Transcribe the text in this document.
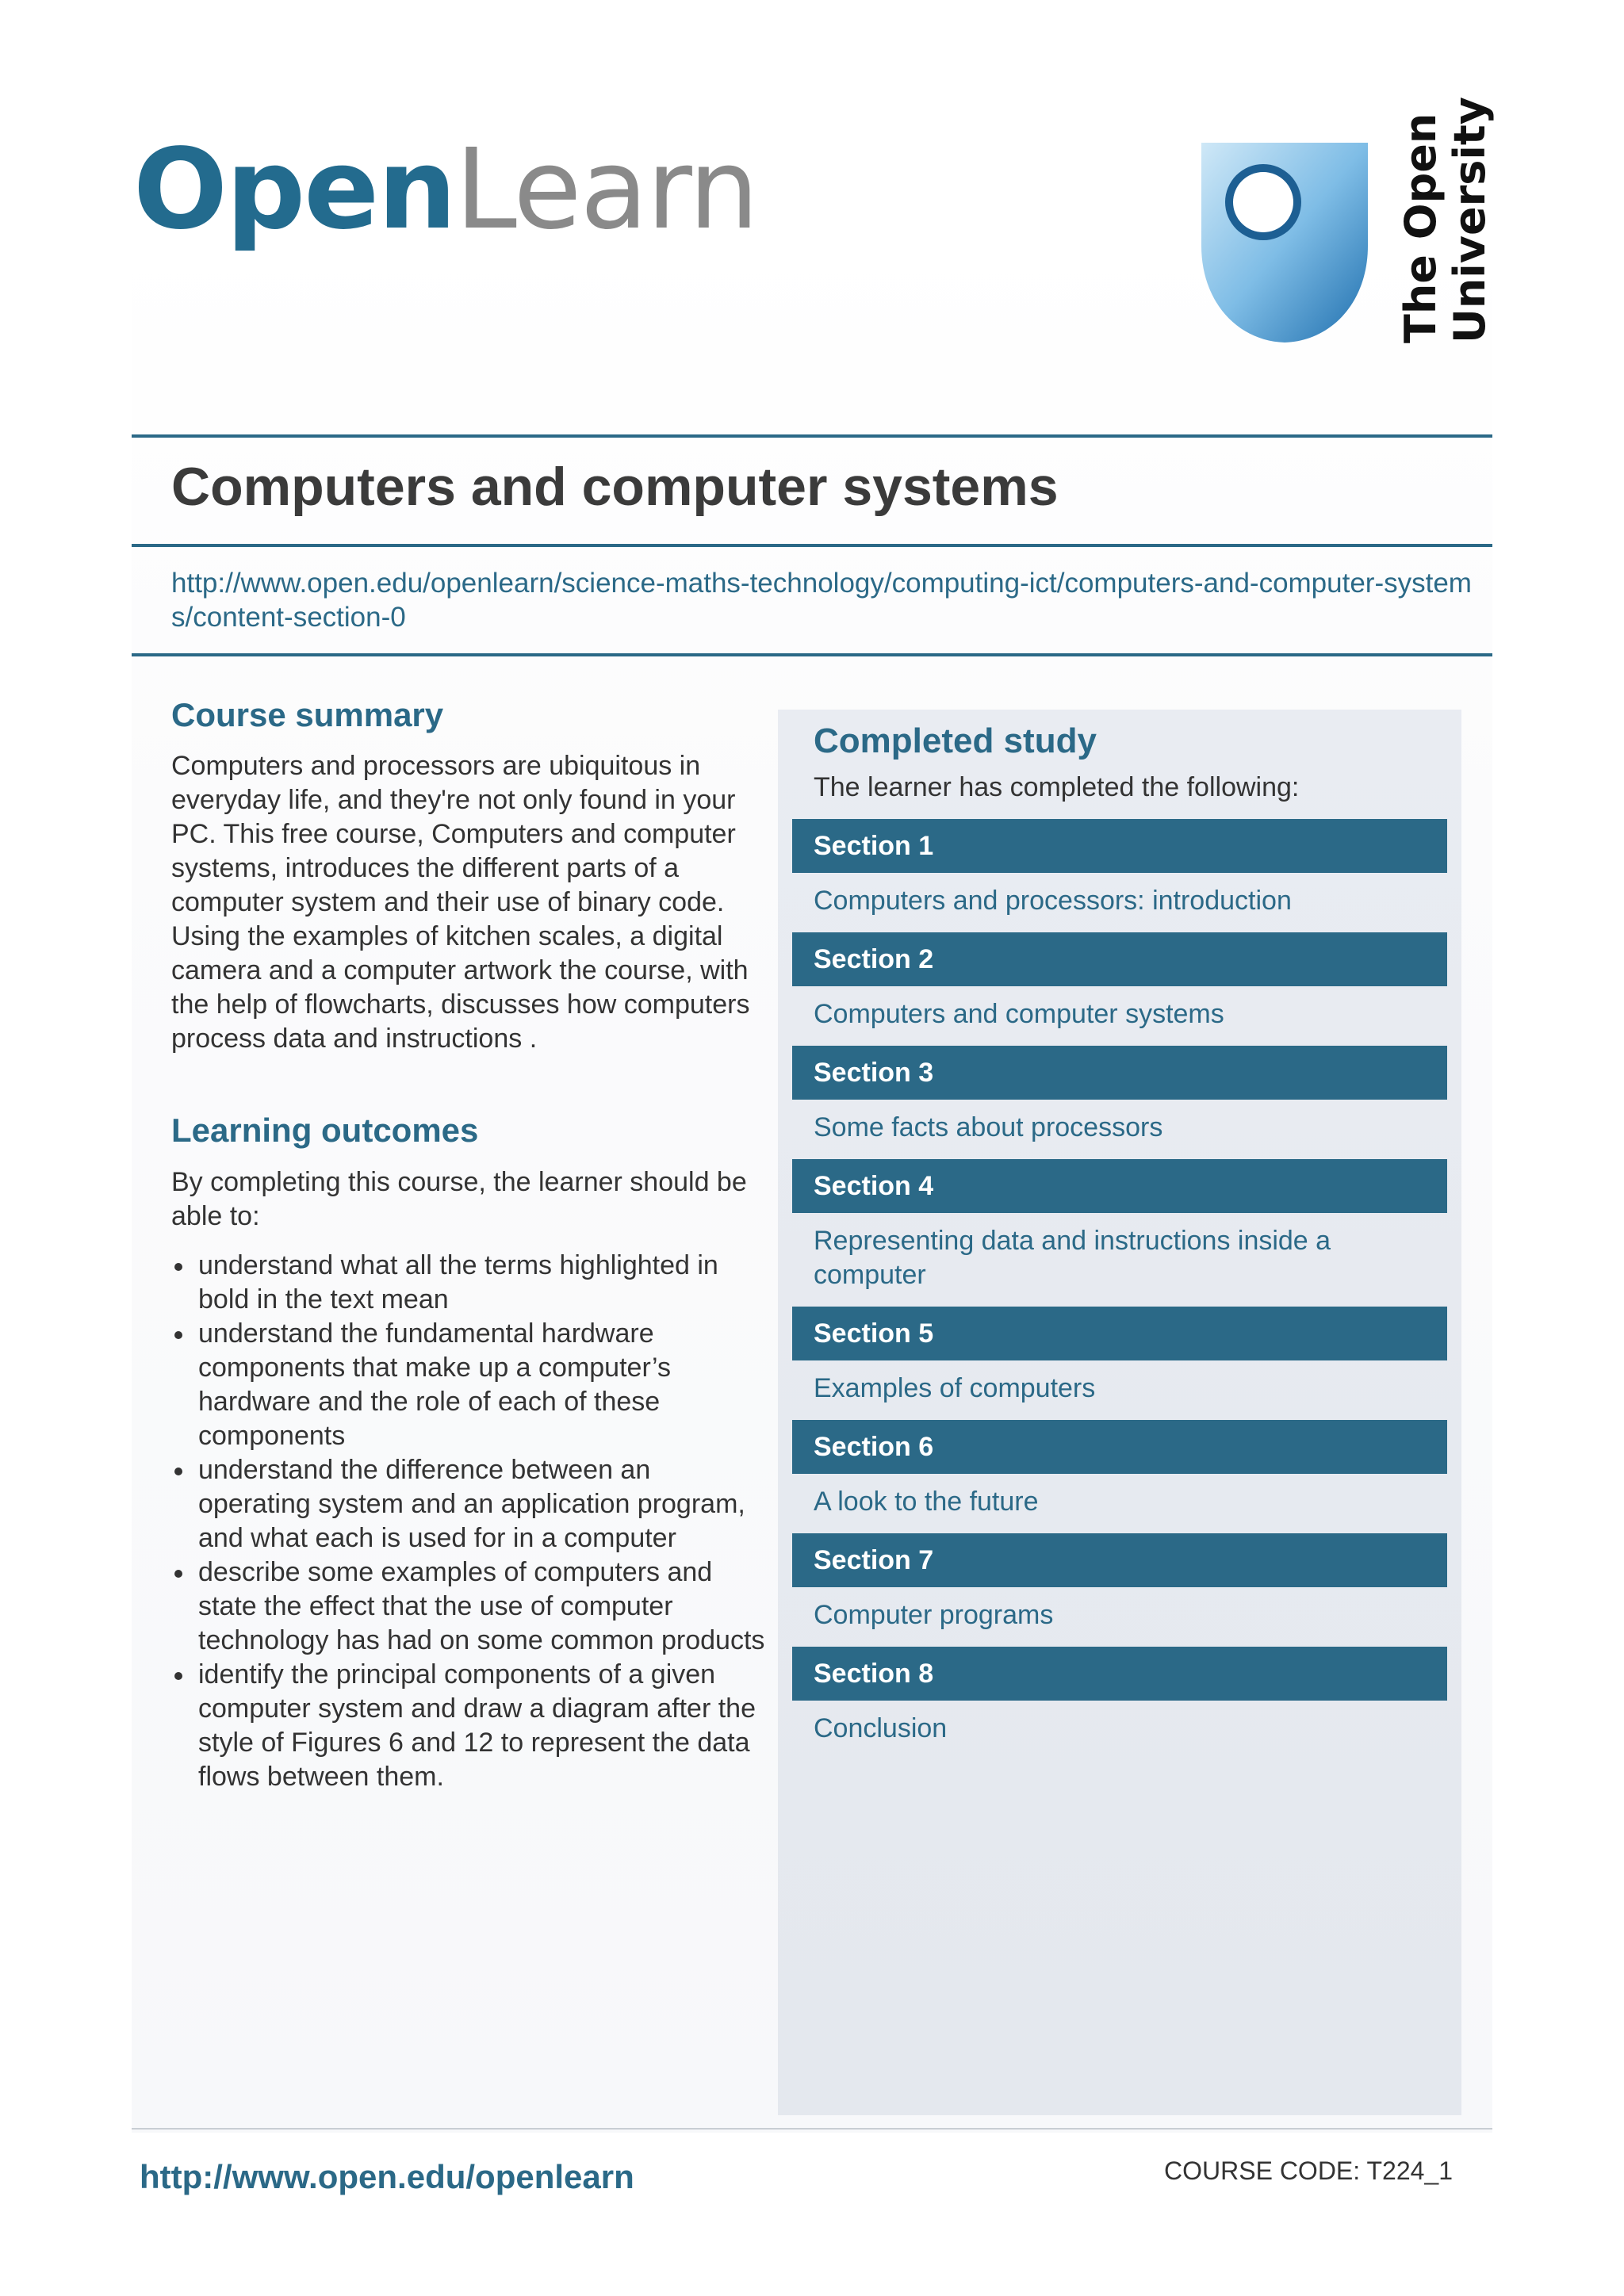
OpenLearn	The Open University
Computers and computer systems
http://www.open.edu/openlearn/science-maths-technology/computing-ict/computers-and-computer-systems/content-section-0
Course summary
Computers and processors are ubiquitous in everyday life, and they're not only found in your PC. This free course, Computers and computer systems, introduces the different parts of a computer system and their use of binary code. Using the examples of kitchen scales, a digital camera and a computer artwork the course, with the help of flowcharts, discusses how computers process data and instructions .
Learning outcomes
By completing this course, the learner should be able to:
understand what all the terms highlighted in bold in the text mean
understand the fundamental hardware components that make up a computer’s hardware and the role of each of these components
understand the difference between an operating system and an application program, and what each is used for in a computer
describe some examples of computers and state the effect that the use of computer technology has had on some common products
identify the principal components of a given computer system and draw a diagram after the style of Figures 6 and 12 to represent the data flows between them.
Completed study
The learner has completed the following:
Section 1
Computers and processors: introduction
Section 2
Computers and computer systems
Section 3
Some facts about processors
Section 4
Representing data and instructions inside a computer
Section 5
Examples of computers
Section 6
A look to the future
Section 7
Computer programs
Section 8
Conclusion
http://www.open.edu/openlearn	COURSE CODE: T224_1
